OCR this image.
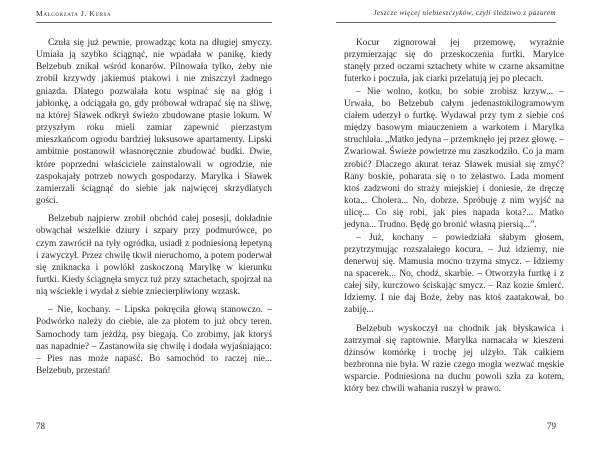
Małgorzata J. Kursa

Czuła się już pewnie, prowadząc kota na długiej smyczy. Umiała ją szybko ściągnąć, nie wpadała w panikę, kiedy Belzebub znikał wśród konarów. Pilnowała tylko, żeby nie zrobił krzywdy jakiemuś ptakowi i nie zniszczył żadnego gniazda. Dlatego pozwalała kotu wspinać się na głóg i jabłonkę, a odciągała go, gdy próbował wdrapać się na śliwę, na której Sławek odkrył świeżo zbudowane ptasie lokum. W przyszłym roku mieli zamiar zapewnić pierzastym mieszkańcom ogrodu bardziej luksusowe apartamenty. Lipski ambitnie postanowił własnoręcznie zbudować budki. Dwie, które poprzedni właściciele zainstalowali w ogrodzie, nie zaspokajały potrzeb nowych gospodarzy. Marylka i Sławek zamierzali ściągnąć do siebie jak najwięcej skrzydlatych gości.

Belzebub najpierw zrobił obchód całej posesji, dokładnie obwąchał wszelkie dziury i szpary przy podmurówce, po czym zawrócił na tyły ogródka, usiadł z podniesioną łepetyną i zawyczył. Przez chwilę tkwił nieruchomo, a potem poderwał się zniknacka i powlókł zaskoczoną Marylkę w kierunku furtki. Kiedy ściągnęła smycz tuż przy sztachetach, spojrzał na nią wściekle i wydał z siebie zniecierpliwiony wrzask.

– Nie, kochany. – Lipska pokręciła głową stanowczo. – Podwórko należy do ciebie, ale za płotem to już obcy teren. Samochody tam jeżdżą, psy biegają. Co zrobimy, jak ktoryś nas napadnie? – Zastanowiła się chwilę i dodała wyjaśniająco: – Pies nas może napaść. Bo samochód to raczej nie... Belzebub, przestań!

78
Jeszcze więcej niebieszczyków, czyli śledztwo z pazurem

Kocur zignorował jej przemowę, wyraźnie przymierzając się do przeskoczenia furtki. Marylce stanęły przed oczami sztachety white w czarne aksamitne futerko i poczuła, jak ciarki przelatują jej po plecach.

– Nie wolno, kotku, bo sobie zrobisz krzyw... – Urwała, bo Belzebub całym jedenastokilogramowym ciałem uderzył o furtkę. Wydawał przy tym z siebie coś między basowym miauczeniem a warkotem i Marylka struchlała. „Matko jedyna – przemknęło jej przez głowę. – Zwariował. Świeże powietrze mu zaszkodziło. Co ja mam zrobić? Dlaczego akurat teraz Sławek musiał się zmyć? Rany boskie, poharata się o to żelastwo. Lada moment ktoś zadzwoni do straży miejskiej i doniesie, że dręczę kota... Cholera... No, dobrze. Spróbuję z nim wyjść na ulicę... Co się robi, jak pies napada kota?... Matko jedyna... Trudno. Będę go bronić własną piersią...”.

– Już, kochany – powiedziała słabym głosem, przytrzymując rozszalałego kocura. – Już idziemy, nie denerwuj się. Mamusia mocno trzyma smycz. – Idziemy na spacerek... No, chodź, skarbie. – Otworzyła furtkę i z całej siły, kurczowo ściskając smycz. – Raz kozie śmierć. Idziemy. I nie daj Boże, żeby nas ktoś zaatakował, bo zabiję...

Belzebub wyskoczył na chodnik jak błyskawica i zatrzymał się raptownie. Marylka namacała w kieszeni dżinsów komórkę i trochę jej ulżyło. Tak całkiem bezbronna nie była. W razie czego mogła wezwać męskie wsparcie. Podniesiona na duchu powoli szła za kotem, który bez chwili wahania ruszył w prawo.

79
